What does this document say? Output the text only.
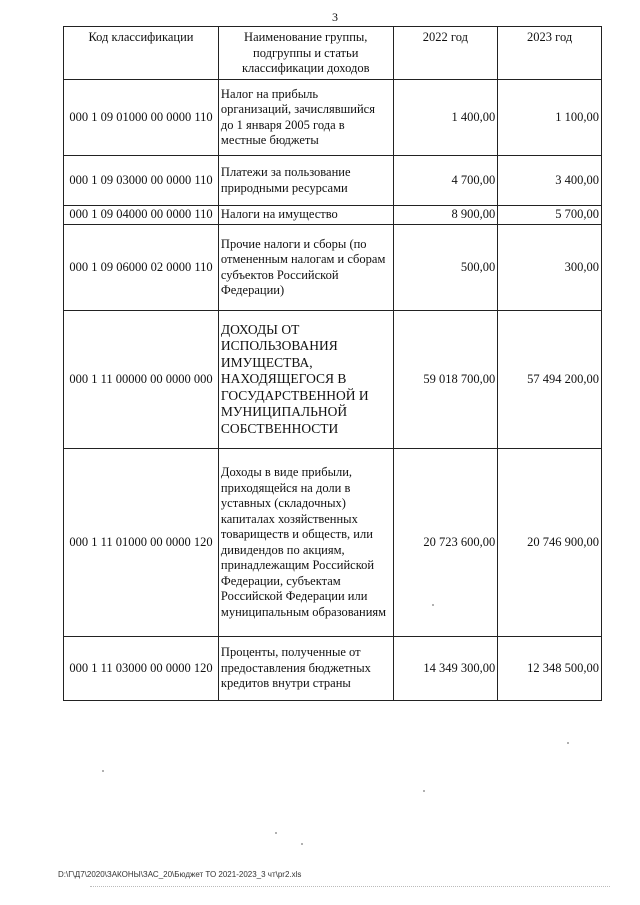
3
Код классификации	Наименование группы, подгруппы и статьи классификации доходов	2022 год	2023 год
000 1 09 01000 00 0000 110	Налог на прибыль организаций, зачислявшийся до 1 января 2005 года в местные бюджеты	1 400,00	1 100,00
000 1 09 03000 00 0000 110	Платежи за пользование природными ресурсами	4 700,00	3 400,00
000 1 09 04000 00 0000 110	Налоги на имущество	8 900,00	5 700,00
000 1 09 06000 02 0000 110	Прочие налоги и сборы (по отмененным налогам и сборам субъектов Российской Федерации)	500,00	300,00
000 1 11 00000 00 0000 000	ДОХОДЫ ОТ ИСПОЛЬЗОВАНИЯ ИМУЩЕСТВА, НАХОДЯЩЕГОСЯ В ГОСУДАРСТВЕННОЙ И МУНИЦИПАЛЬНОЙ СОБСТВЕННОСТИ	59 018 700,00	57 494 200,00
000 1 11 01000 00 0000 120	Доходы в виде прибыли, приходящейся на доли в уставных (складочных) капиталах хозяйственных товариществ и обществ, или дивидендов по акциям, принадлежащим Российской Федерации, субъектам Российской Федерации или муниципальным образованиям	20 723 600,00	20 746 900,00
000 1 11 03000 00 0000 120	Проценты, полученные от предоставления бюджетных кредитов внутри страны	14 349 300,00	12 348 500,00
D:\Г\Д7\2020\ЗАКОНЫ\ЗАС_20\Бюджет ТО 2021-2023_3 чт\pr2.xls
